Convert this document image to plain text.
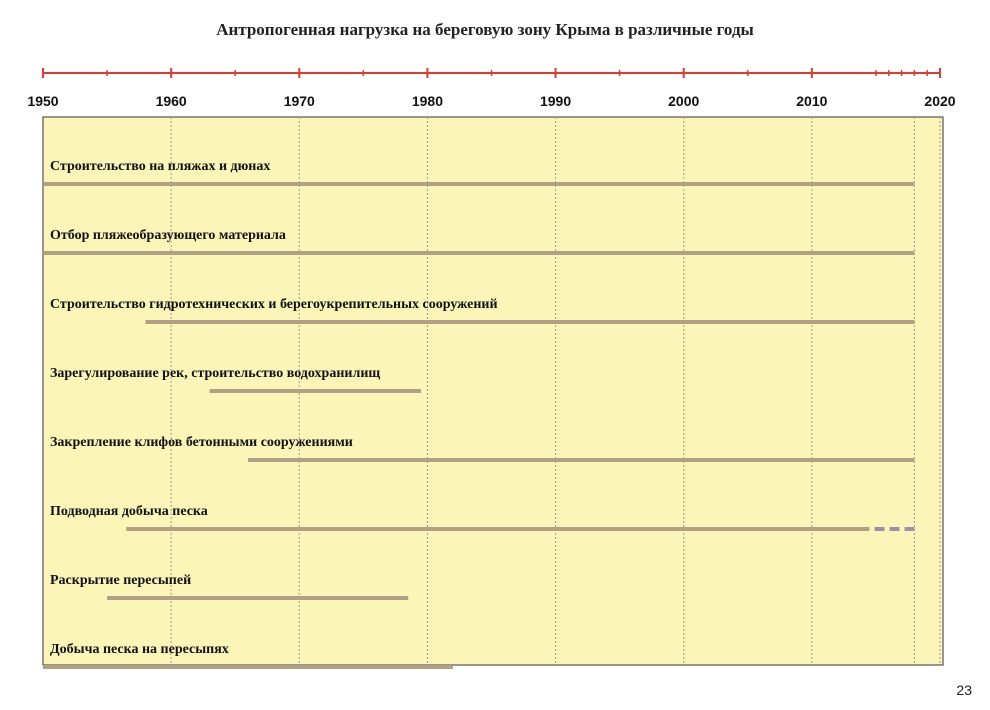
Антропогенная нагрузка на береговую зону Крыма в различные годы
1950	1960	1970	1980	1990	2000	2010	2020
Строительство на пляжах и дюнах
Отбор пляжеобразующего материала
Строительство гидротехнических и берегоукрепительных сооружений
Зарегулирование рек, строительство водохранилищ
Закрепление клифов бетонными сооружениями
Подводная добыча песка
Раскрытие пересыпей
Добыча песка на пересыпях
23
